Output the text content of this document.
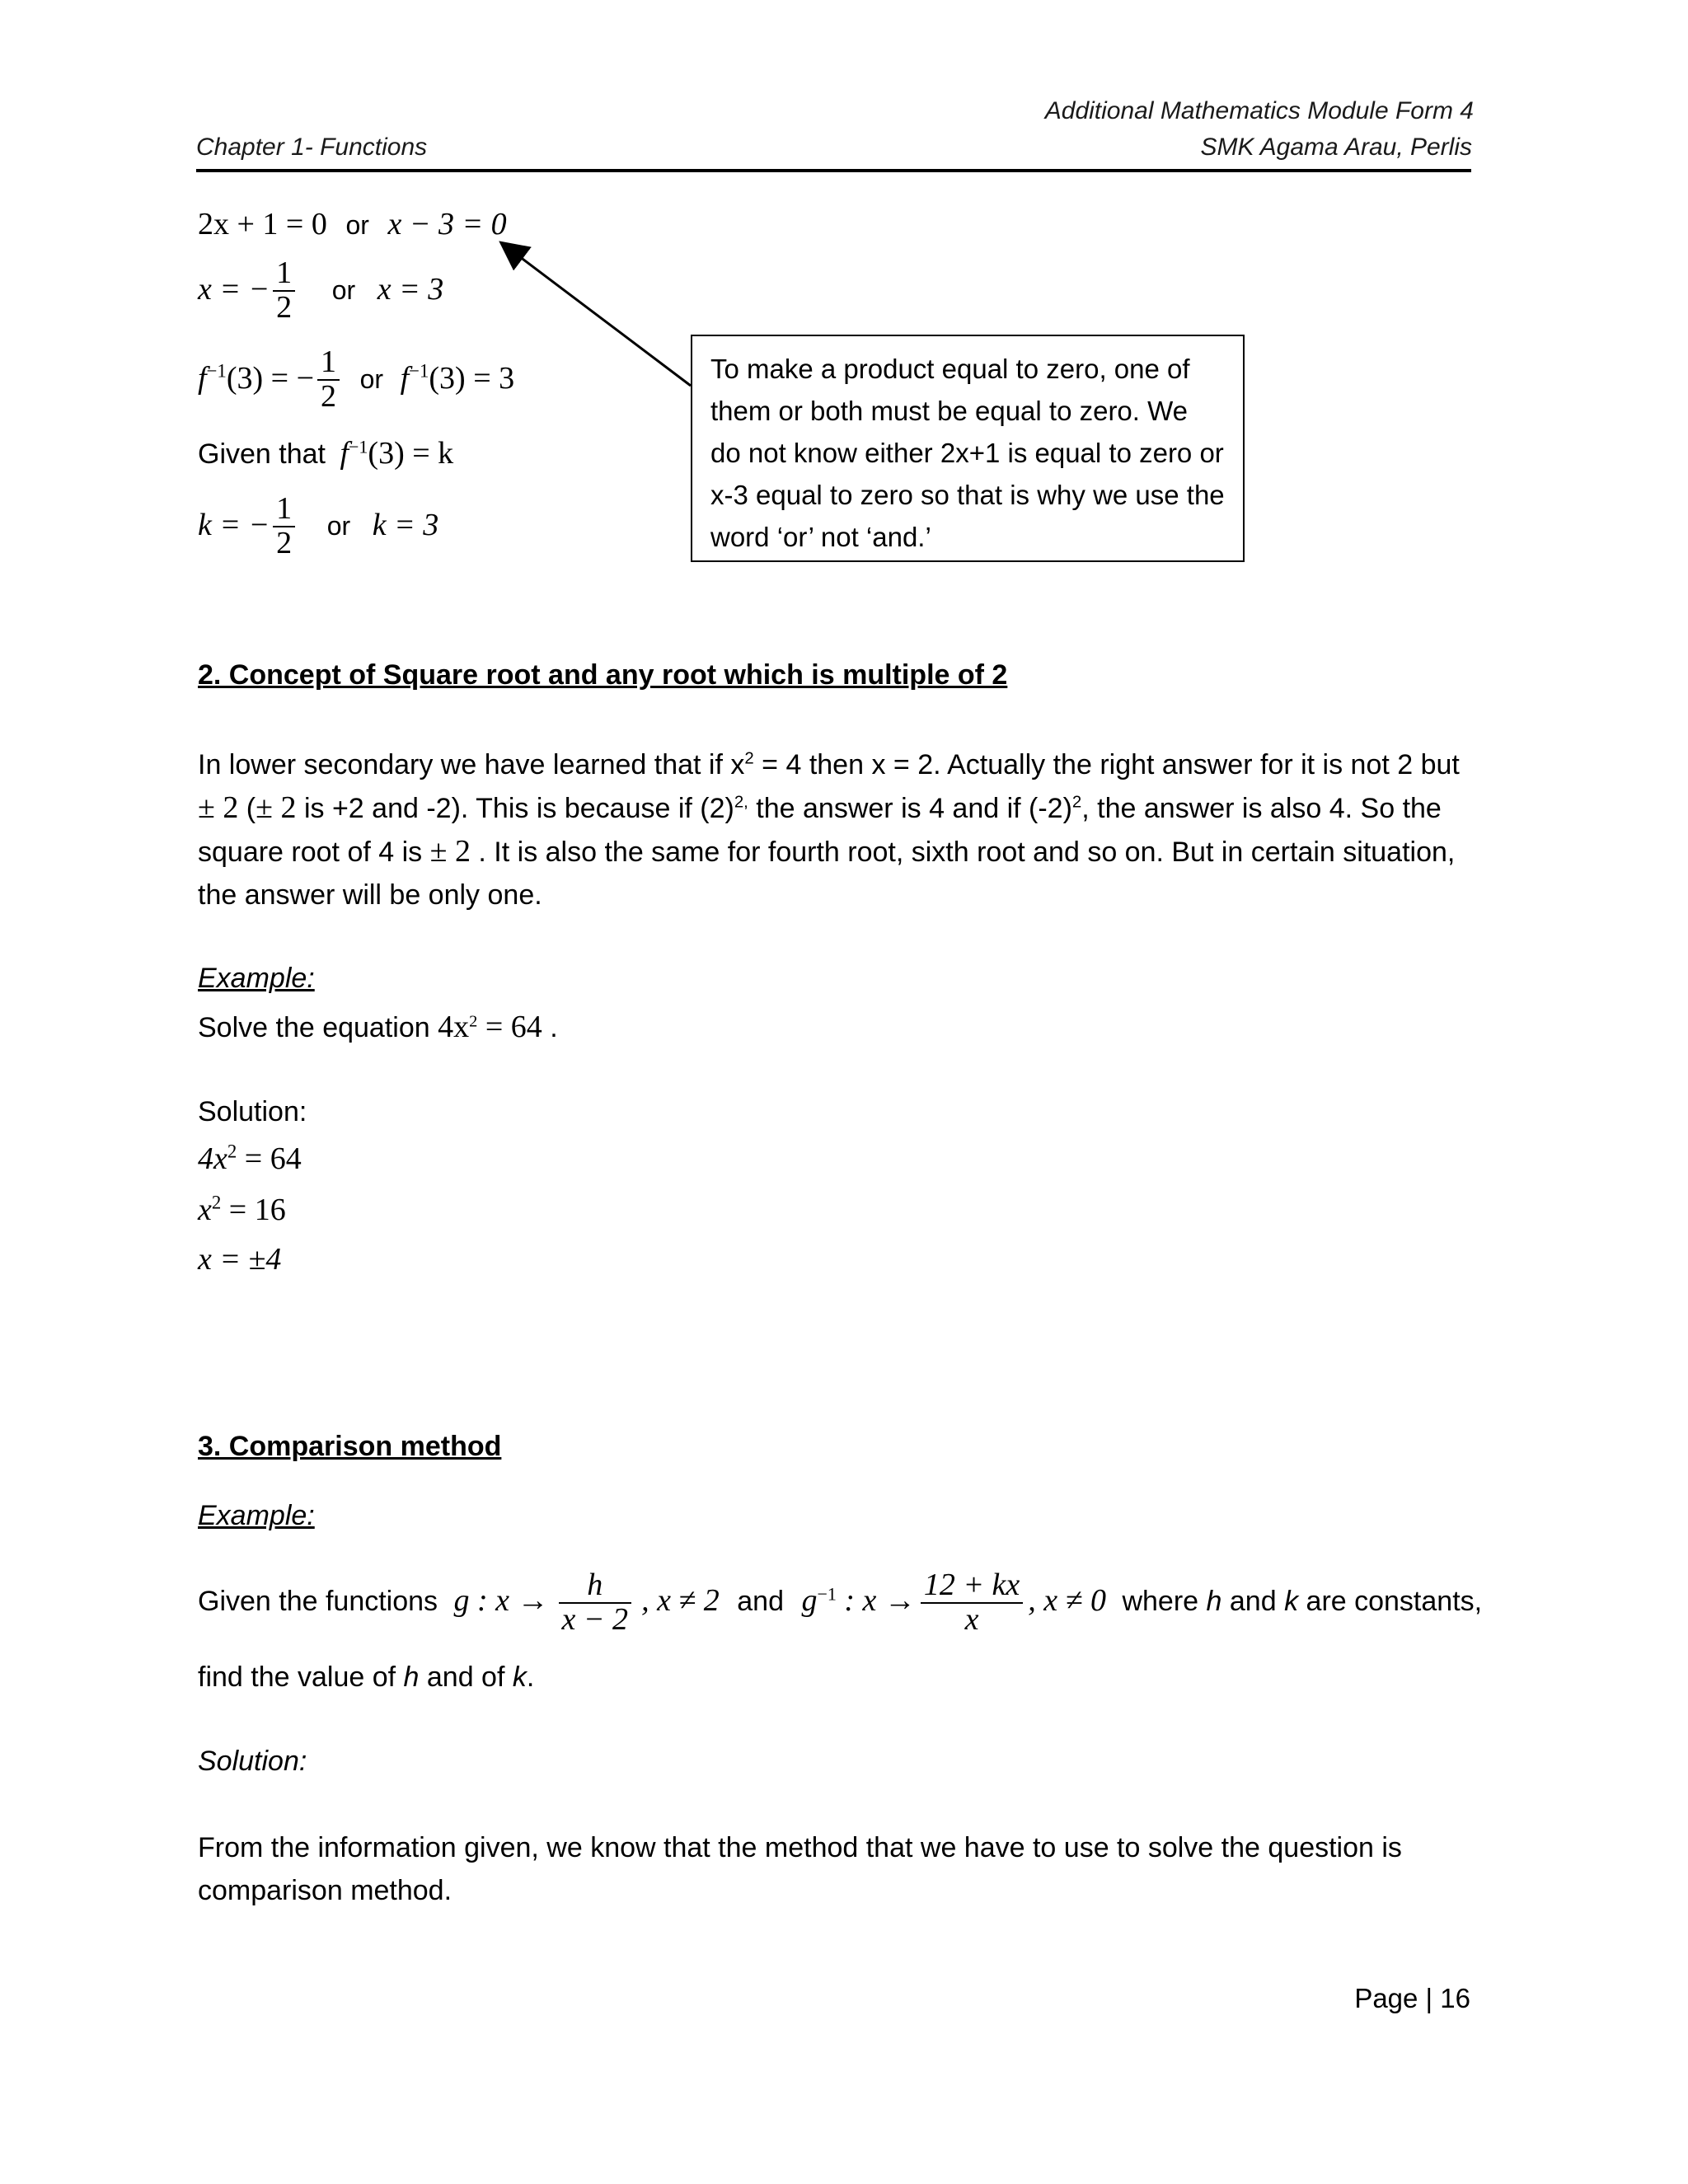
Additional Mathematics Module Form 4
Chapter 1- Functions	SMK Agama Arau, Perlis
2x + 1 = 0 or x − 3 = 0
x = − $\frac{1}{2}$ or x = 3
$f^{-1}(3)$ = − $\frac{1}{2}$ or $f^{-1}(3) = 3$
Given that $f^{-1}(3) = k$
k = − $\frac{1}{2}$ or k = 3
To make a product equal to zero, one of them or both must be equal to zero. We do not know either 2x+1 is equal to zero or x-3 equal to zero so that is why we use the word ‘or’ not ‘and.’
2. Concept of Square root and any root which is multiple of 2
In lower secondary we have learned that if $x^2 = 4$ then x = 2. Actually the right answer for it is not 2 but ± 2 (± 2 is +2 and -2). This is because if $(2)^{2,}$ the answer is 4 and if $(-2)^2$, the answer is also 4. So the square root of 4 is ± 2 . It is also the same for fourth root, sixth root and so on. But in certain situation, the answer will be only one.
Example:
Solve the equation $4x^2 = 64$ .
Solution:
$4x^2 = 64$
$x^2 = 16$
x = ±4
3. Comparison method
Example:
Given the functions g : $x \to \frac{h}{x - 2}$ , x ≠ 2 and $g^{-1}$ : $x \to \frac{12 + kx}{x}$ , x ≠ 0 where h and k are constants,
find the value of h and of k.
Solution:
From the information given, we know that the method that we have to use to solve the question is comparison method.
Page | 16
